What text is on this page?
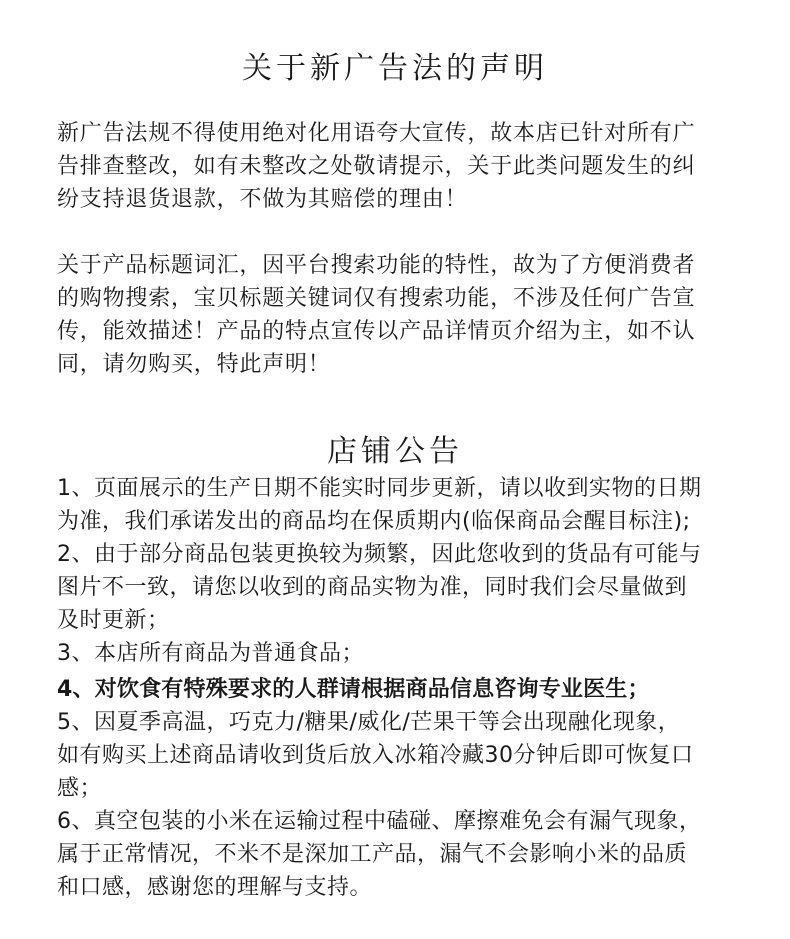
关于新广告法的声明

新广告法规不得使用绝对化用语夸大宣传，故本店已针对所有广
告排查整改，如有未整改之处敬请提示，关于此类问题发生的纠
纷支持退货退款，不做为其赔偿的理由！

关于产品标题词汇，因平台搜索功能的特性，故为了方便消费者
的购物搜索，宝贝标题关键词仅有搜索功能，不涉及任何广告宣
传，能效描述！产品的特点宣传以产品详情页介绍为主，如不认
同，请勿购买，特此声明！

店铺公告
1、页面展示的生产日期不能实时同步更新，请以收到实物的日期
为准，我们承诺发出的商品均在保质期内(临保商品会醒目标注);
2、由于部分商品包装更换较为频繁，因此您收到的货品有可能与
图片不一致，请您以收到的商品实物为准，同时我们会尽量做到
及时更新；
3、本店所有商品为普通食品；
4、对饮食有特殊要求的人群请根据商品信息咨询专业医生；
5、因夏季高温，巧克力/糖果/威化/芒果干等会出现融化现象，
如有购买上述商品请收到货后放入冰箱冷藏30分钟后即可恢复口
感；
6、真空包装的小米在运输过程中磕碰、摩擦难免会有漏气现象，
属于正常情况，不米不是深加工产品，漏气不会影响小米的品质
和口感，感谢您的理解与支持。
